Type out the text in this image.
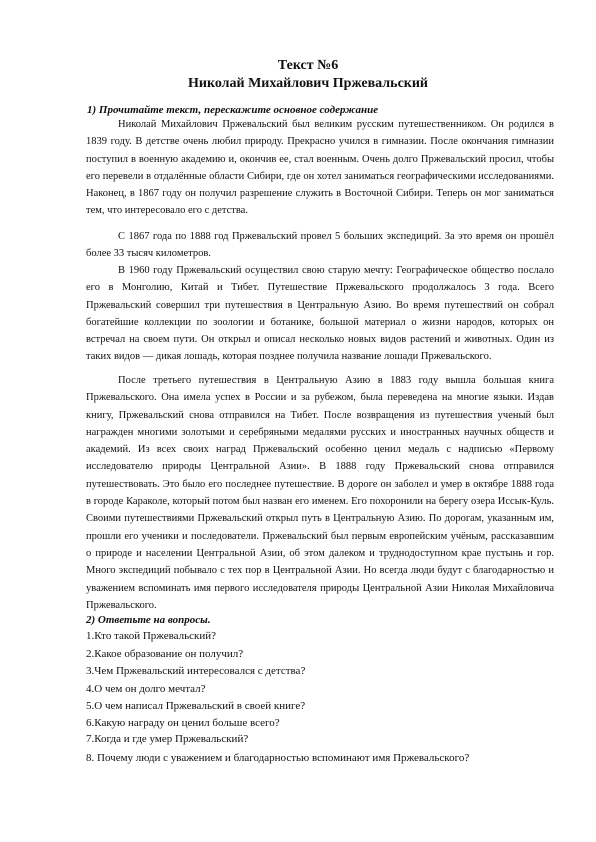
Текст №6
Николай Михайлович Пржевальский
1) Прочитайте текст, перескажите основное содержание

Николай Михайлович Пржевальский был великим русским путешественником. Он родился в 1839 году. В детстве очень любил природу. Прекрасно учился в гимназии. После окончания гимназии поступил в военную академию и, окончив ее, стал военным. Очень долго Пржевальский просил, чтобы его перевели в отдалённые области Сибири, где он хотел заниматься географическими исследованиями. Наконец, в 1867 году он получил разрешение служить в Восточной Сибири. Теперь он мог заниматься тем, что интересовало его с детства.

С 1867 года по 1888 год Пржевальский провел 5 больших экспедиций. За это время он прошёл более 33 тысяч километров.

В 1960 году Пржевальский осуществил свою старую мечту: Географическое общество послало его в Монголию, Китай и Тибет. Путешествие Пржевальского продолжалось 3 года. Всего Пржевальский совершил три путешествия в Центральную Азию. Во время путешествий он собрал богатейшие коллекции по зоологии и ботанике, большой материал о жизни народов, которых он встречал на своем пути. Он открыл и описал несколько новых видов растений и животных. Один из таких видов — дикая лошадь, которая позднее получила название лошади Пржевальского.

После третьего путешествия в Центральную Азию в 1883 году вышла большая книга Пржевальского. Она имела успех в России и за рубежом, была переведена на многие языки. Издав книгу, Пржевальский снова отправился на Тибет. После возвращения из путешествия ученый был награжден многими золотыми и серебряными медалями русских и иностранных научных обществ и академий. Из всех своих наград Пржевальский особенно ценил медаль с надписью «Первому исследователю природы Центральной Азии». В 1888 году Пржевальский снова отправился путешествовать. Это было его последнее путешествие. В дороге он заболел и умер в октябре 1888 года в городе Караколе, который потом был назван его именем. Его похоронили на берегу озера Иссык-Куль. Своими путешествиями Пржевальский открыл путь в Центральную Азию. По дорогам, указанным им, прошли его ученики и последователи. Пржевальский был первым европейским учёным, рассказавшим о природе и населении Центральной Азии, об этом далеком и труднодоступном крае пустынь и гор. Много экспедиций побывало с тех пор в Центральной Азии. Но всегда люди будут с благодарностью и уважением вспоминать имя первого исследователя природы Центральной Азии Николая Михайловича Пржевальского.

2) Ответьте на вопросы.
1.Кто такой Пржевальский?
2.Какое образование он получил?
3.Чем Пржевальский интересовался с детства?
4.О чем он долго мечтал?
5.О чем написал Пржевальский в своей книге?
6.Какую награду он ценил больше всего?
7.Когда и где умер Пржевальский?

8. Почему люди с уважением и благодарностью вспоминают имя Пржевальского?
